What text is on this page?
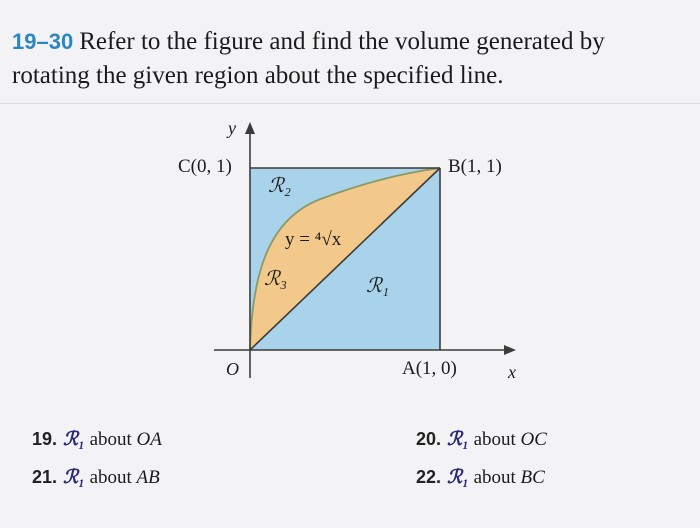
19–30 Refer to the figure and find the volume generated by
rotating the given region about the specified line.
y
x
O
C(0, 1)	B(1, 1)
A(1, 0)
y = ⁴√x
ℛ₂
ℛ₃	ℛ₁
19. ℛ₁ about OA	20. ℛ₁ about OC
21. ℛ₁ about AB	22. ℛ₁ about BC
